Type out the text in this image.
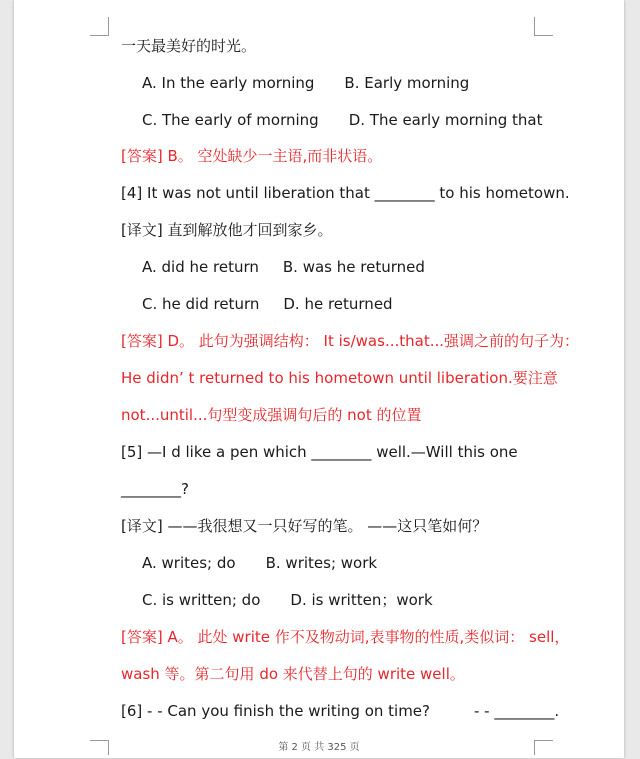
一天最美好的时光。
A. In the early morning B. Early morning
C. The early of morning D. The early morning that
[答案] B。 空处缺少一主语,而非状语。
[4] It was not until liberation that ________ to his hometown.
[译文] 直到解放他才回到家乡。
A. did he return B. was he returned
C. he did return D. he returned
[答案] D。 此句为强调结构： It is/was...that...强调之前的句子为：
He didn’ t returned to his hometown until liberation.要注意
not...until...句型变成强调句后的 not 的位置
[5] —I d like a pen which ________ well.—Will this one
________?
[译文] ——我很想又一只好写的笔。 ——这只笔如何？
A. writes; do B. writes; work
C. is written; do D. is written；work
[答案] A。 此处 write 作不及物动词,表事物的性质,类似词： sell，
wash 等。第二句用 do 来代替上句的 write well。
[6] - - Can you finish the writing on time?	- - ________.
第 2 页 共 325 页
